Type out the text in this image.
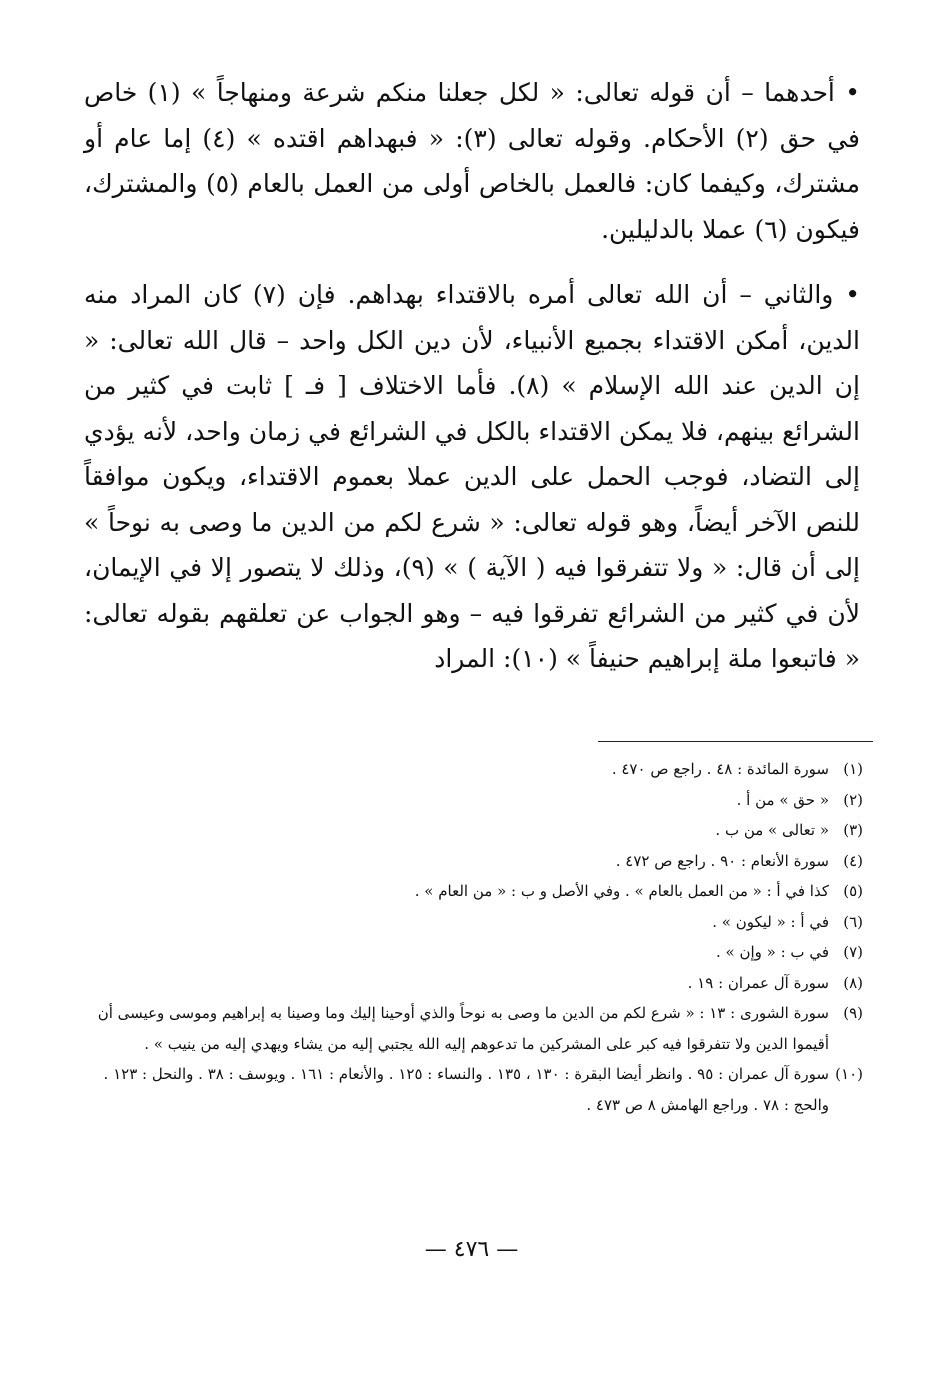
• أحدهما – أن قوله تعالى: « لكل جعلنا منكم شرعة ومنهاجاً » (١) خاص في حق (٢) الأحكام. وقوله تعالى (٣): « فبهداهم اقتده » (٤) إما عام أو مشترك، وكيفما كان: فالعمل بالخاص أولى من العمل بالعام (٥) والمشترك، فيكون (٦) عملا بالدليلين.

• والثاني – أن الله تعالى أمره بالاقتداء بهداهم. فإن (٧) كان المراد منه الدين، أمكن الاقتداء بجميع الأنبياء، لأن دين الكل واحد – قال الله تعالى: « إن الدين عند الله الإسلام » (٨). فأما الاختلاف [ فـ ] ثابت في كثير من الشرائع بينهم، فلا يمكن الاقتداء بالكل في الشرائع في زمان واحد، لأنه يؤدي إلى التضاد، فوجب الحمل على الدين عملا بعموم الاقتداء، ويكون موافقاً للنص الآخر أيضاً، وهو قوله تعالى: « شرع لكم من الدين ما وصى به نوحاً » إلى أن قال: « ولا تتفرقوا فيه ( الآية ) » (٩)، وذلك لا يتصور إلا في الإيمان، لأن في كثير من الشرائع تفرقوا فيه – وهو الجواب عن تعلقهم بقوله تعالى: « فاتبعوا ملة إبراهيم حنيفاً » (١٠): المراد

(١)
سورة المائدة : ٤٨ . راجع ص ٤٧٠ .
(٢)
« حق » من أ .
(٣)
« تعالى » من ب .
(٤)
سورة الأنعام : ٩٠ . راجع ص ٤٧٢ .
(٥)
كذا في أ : « من العمل بالعام » . وفي الأصل و ب : « من العام » .
(٦)
في أ : « ليكون » .
(٧)
في ب : « وإن » .
(٨)
سورة آل عمران : ١٩ .
(٩)
سورة الشورى : ١٣ : « شرع لكم من الدين ما وصى به نوحاً والذي أوحينا إليك وما وصينا به إبراهيم وموسى وعيسى أن أقيموا الدين ولا تتفرقوا فيه كبر على المشركين ما تدعوهم إليه الله يجتبي إليه من يشاء ويهدي إليه من ينيب » .
(١٠)
سورة آل عمران : ٩٥ . وانظر أيضا البقرة : ١٣٠ ، ١٣٥ . والنساء : ١٢٥ . والأنعام : ١٦١ . ويوسف : ٣٨ . والنحل : ١٢٣ . والحج : ٧٨ . وراجع الهامش ٨ ص ٤٧٣ .
— ٤٧٦ —
